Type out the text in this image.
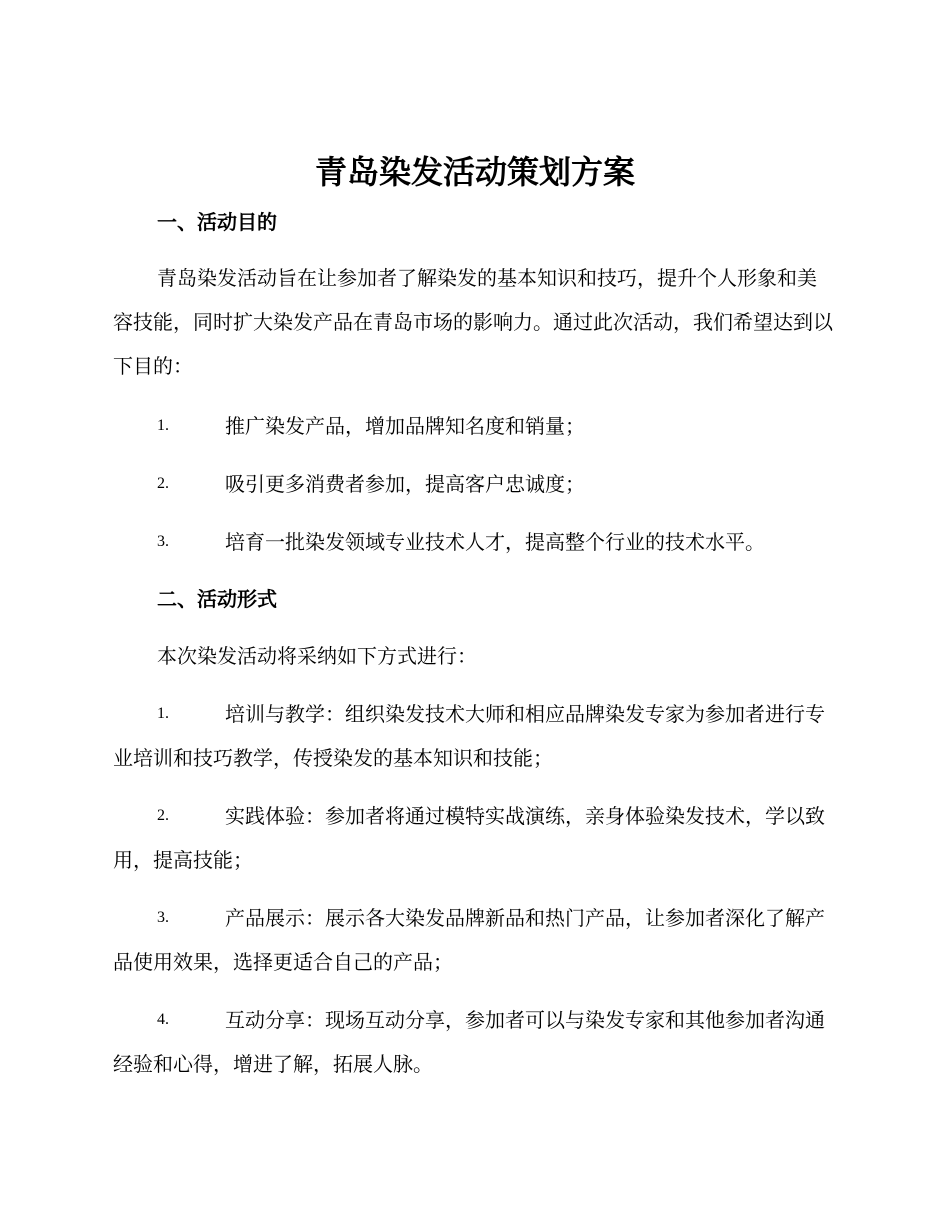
青岛染发活动策划方案
一、活动目的
青岛染发活动旨在让参加者了解染发的基本知识和技巧，提升个人形象和美容技能，同时扩大染发产品在青岛市场的影响力。通过此次活动，我们希望达到以下目的：
1.	推广染发产品，增加品牌知名度和销量；
2.	吸引更多消费者参加，提高客户忠诚度；
3.	培育一批染发领域专业技术人才，提高整个行业的技术水平。
二、活动形式
本次染发活动将采纳如下方式进行：
1.	培训与教学：组织染发技术大师和相应品牌染发专家为参加者进行专业培训和技巧教学，传授染发的基本知识和技能；
2.	实践体验：参加者将通过模特实战演练，亲身体验染发技术，学以致用，提高技能；
3.	产品展示：展示各大染发品牌新品和热门产品，让参加者深化了解产品使用效果，选择更适合自己的产品；
4.	互动分享：现场互动分享，参加者可以与染发专家和其他参加者沟通经验和心得，增进了解，拓展人脉。
